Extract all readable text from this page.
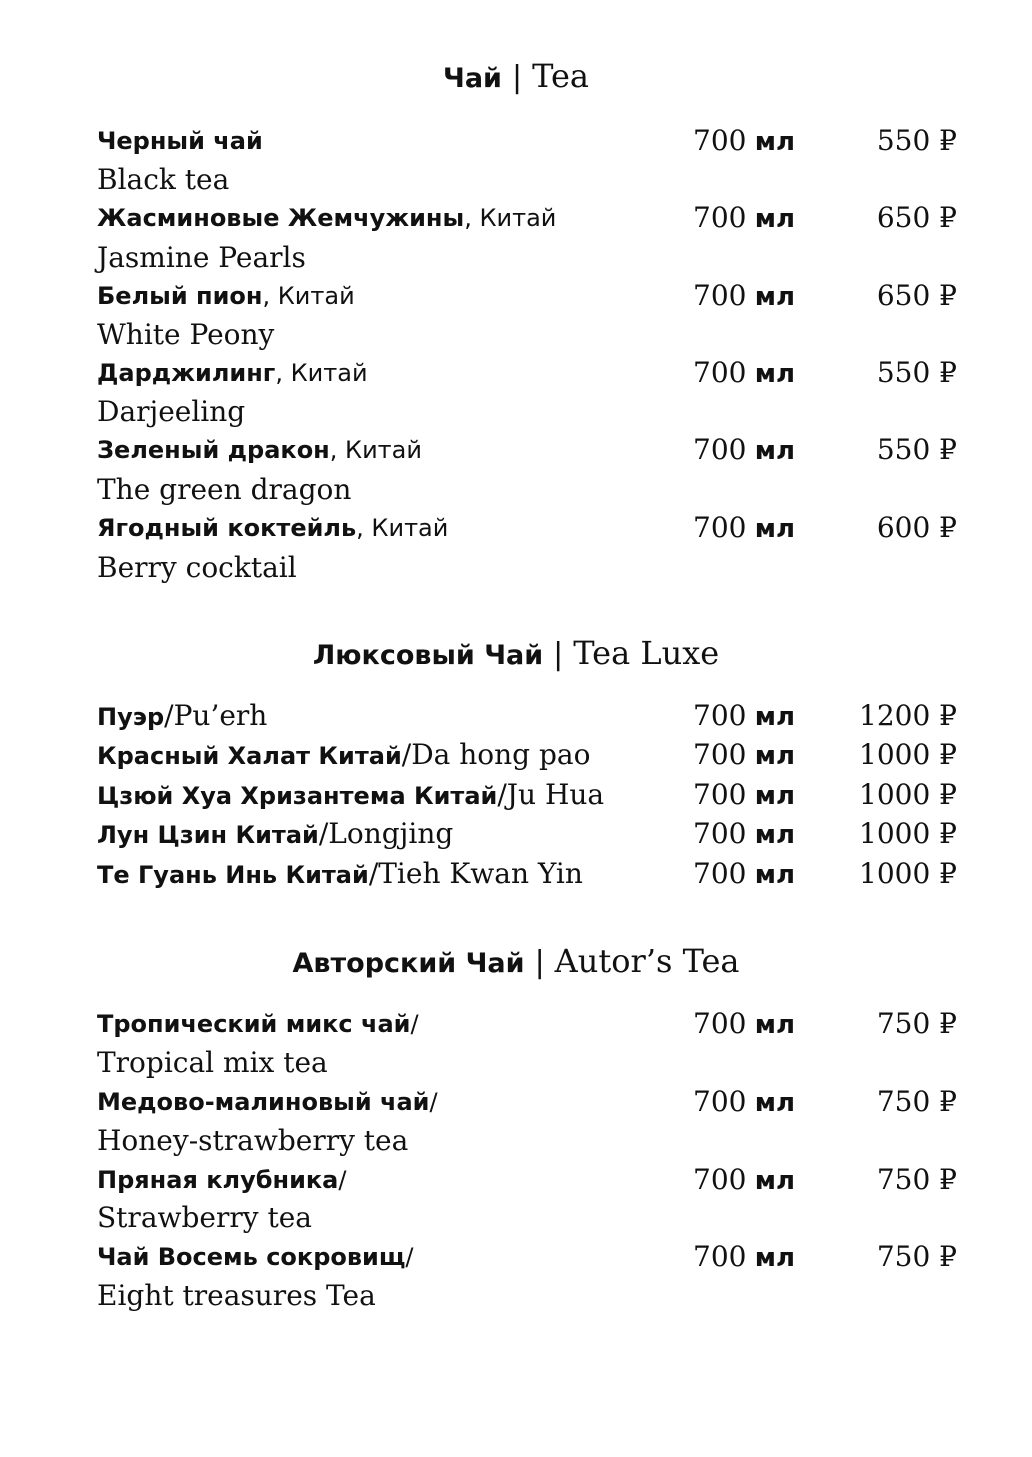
Чай | Tea
Черный чай	700 мл	550 ₽
Black tea
Жасминовые Жемчужины, Китай	700 мл	650 ₽
Jasmine Pearls
Белый пион, Китай	700 мл	650 ₽
White Peony
Дарджилинг, Китай	700 мл	550 ₽
Darjeeling
Зеленый дракон, Китай	700 мл	550 ₽
The green dragon
Ягодный коктейль, Китай	700 мл	600 ₽
Berry cocktail
Люксовый Чай | Tea Luxe
Пуэр/Pu’erh	700 мл	1200 ₽
Красный Халат Китай/Da hong pao	700 мл	1000 ₽
Цзюй Хуа Хризантема Китай/Ju Hua	700 мл	1000 ₽
Лун Цзин Китай/Longjing	700 мл	1000 ₽
Те Гуань Инь Китай/Tieh Kwan Yin	700 мл	1000 ₽
Авторский Чай | Autor’s Tea
Тропический микс чай/	700 мл	750 ₽
Tropical mix tea
Медово-малиновый чай/	700 мл	750 ₽
Honey-strawberry tea
Пряная клубника/	700 мл	750 ₽
Strawberry tea
Чай Восемь сокровищ/	700 мл	750 ₽
Eight treasures Tea
